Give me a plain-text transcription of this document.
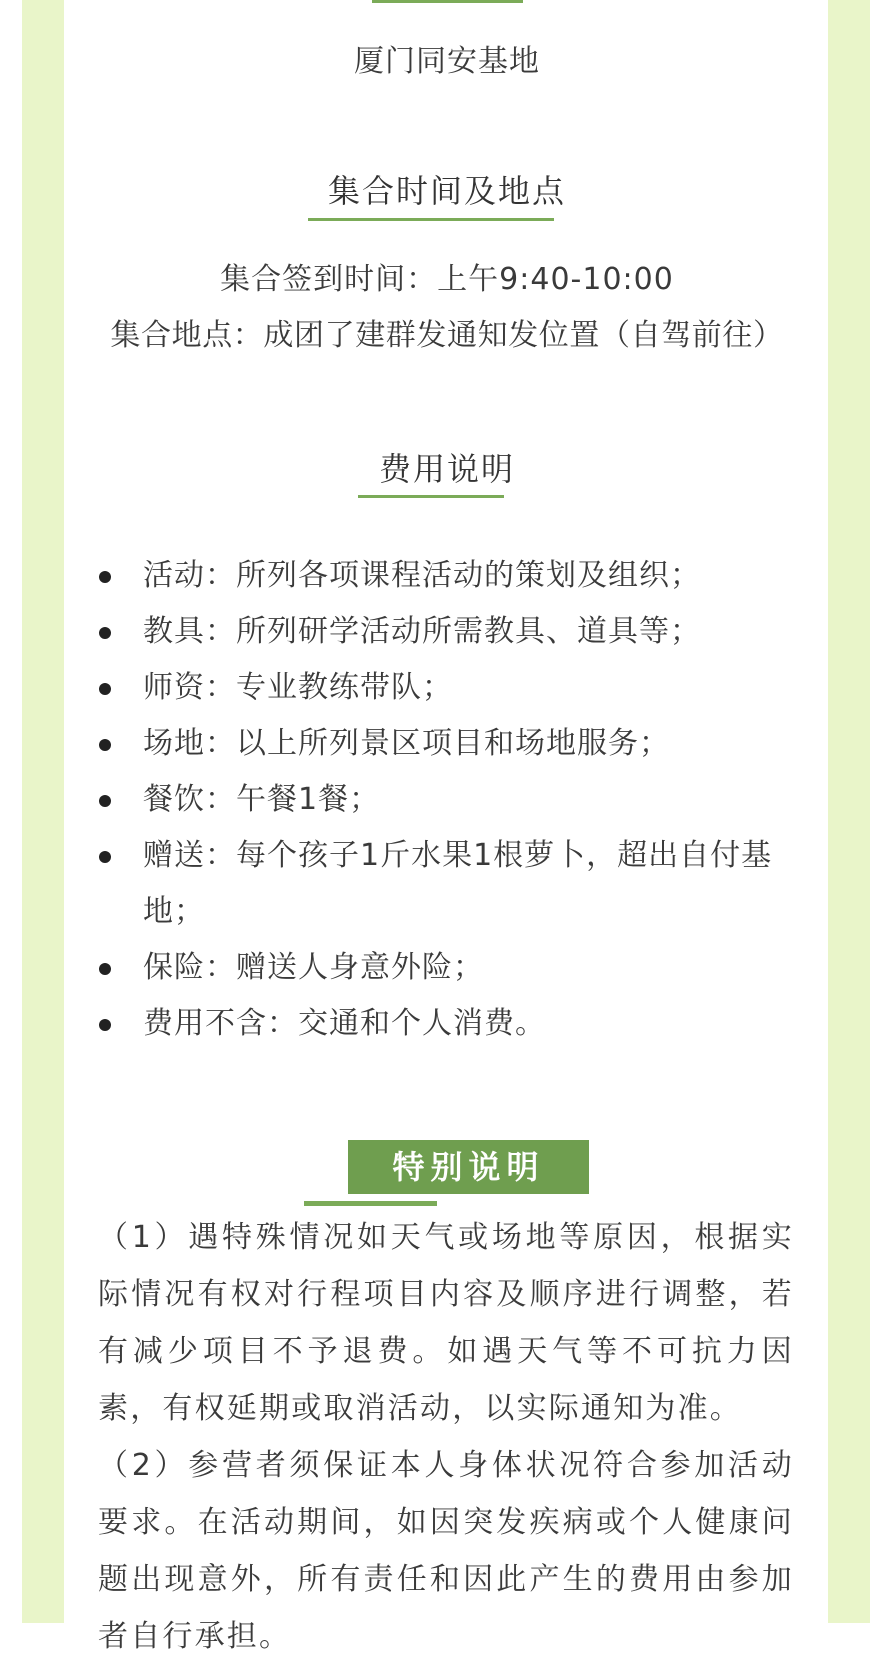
厦门同安基地
集合时间及地点
集合签到时间：上午9:40-10:00
集合地点：成团了建群发通知发位置（自驾前往）
费用说明
活动：所列各项课程活动的策划及组织；
教具：所列研学活动所需教具、道具等；
师资：专业教练带队；
场地：以上所列景区项目和场地服务；
餐饮：午餐1餐；
赠送：每个孩子1斤水果1根萝卜，超出自付基地；
保险：赠送人身意外险；
费用不含：交通和个人消费。
特别说明
（1）遇特殊情况如天气或场地等原因，根据实际情况有权对行程项目内容及顺序进行调整，若有减少项目不予退费。如遇天气等不可抗力因素，有权延期或取消活动，以实际通知为准。
（2）参营者须保证本人身体状况符合参加活动要求。在活动期间，如因突发疾病或个人健康问题出现意外，所有责任和因此产生的费用由参加者自行承担。
